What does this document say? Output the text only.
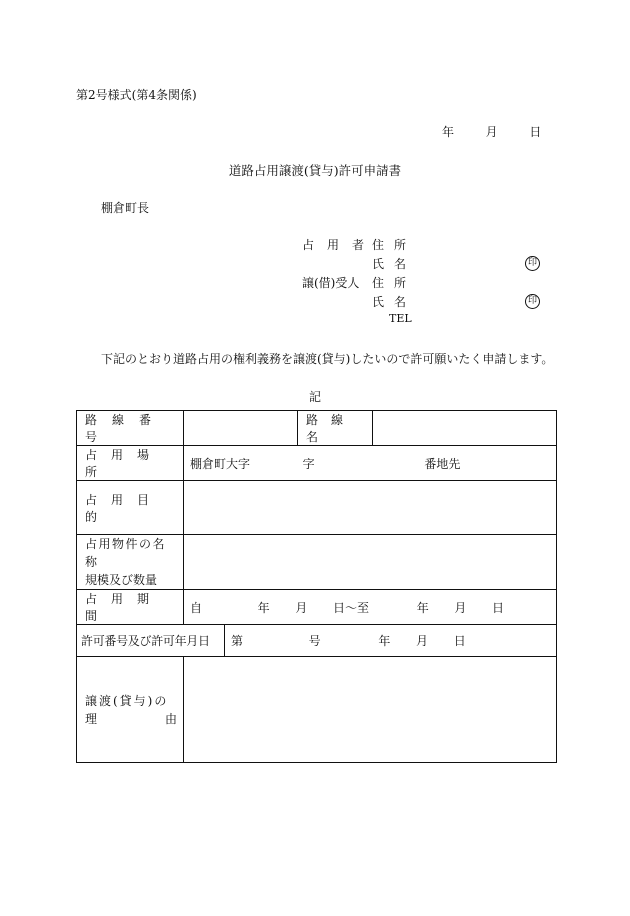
第2号様式(第4条関係)
年	月	日
道路占用譲渡(貸与)許可申請書
棚倉町長
占用者
住所
氏名	印
譲(借)受人 住所
氏名	印
TEL
下記のとおり道路占用の権利義務を譲渡(貸与)したいので許可願いたく申請します。
記
路線番号			路線名	
占用場所	棚倉町大字 字 番地先			
占用目的				

占用物件の名称
規模及び数量				

占用期間	自 年 月 日〜至 年 月 日			
許可番号及び許可年月日		第 号 年 月 日		

譲渡(貸与)の
理 由				
